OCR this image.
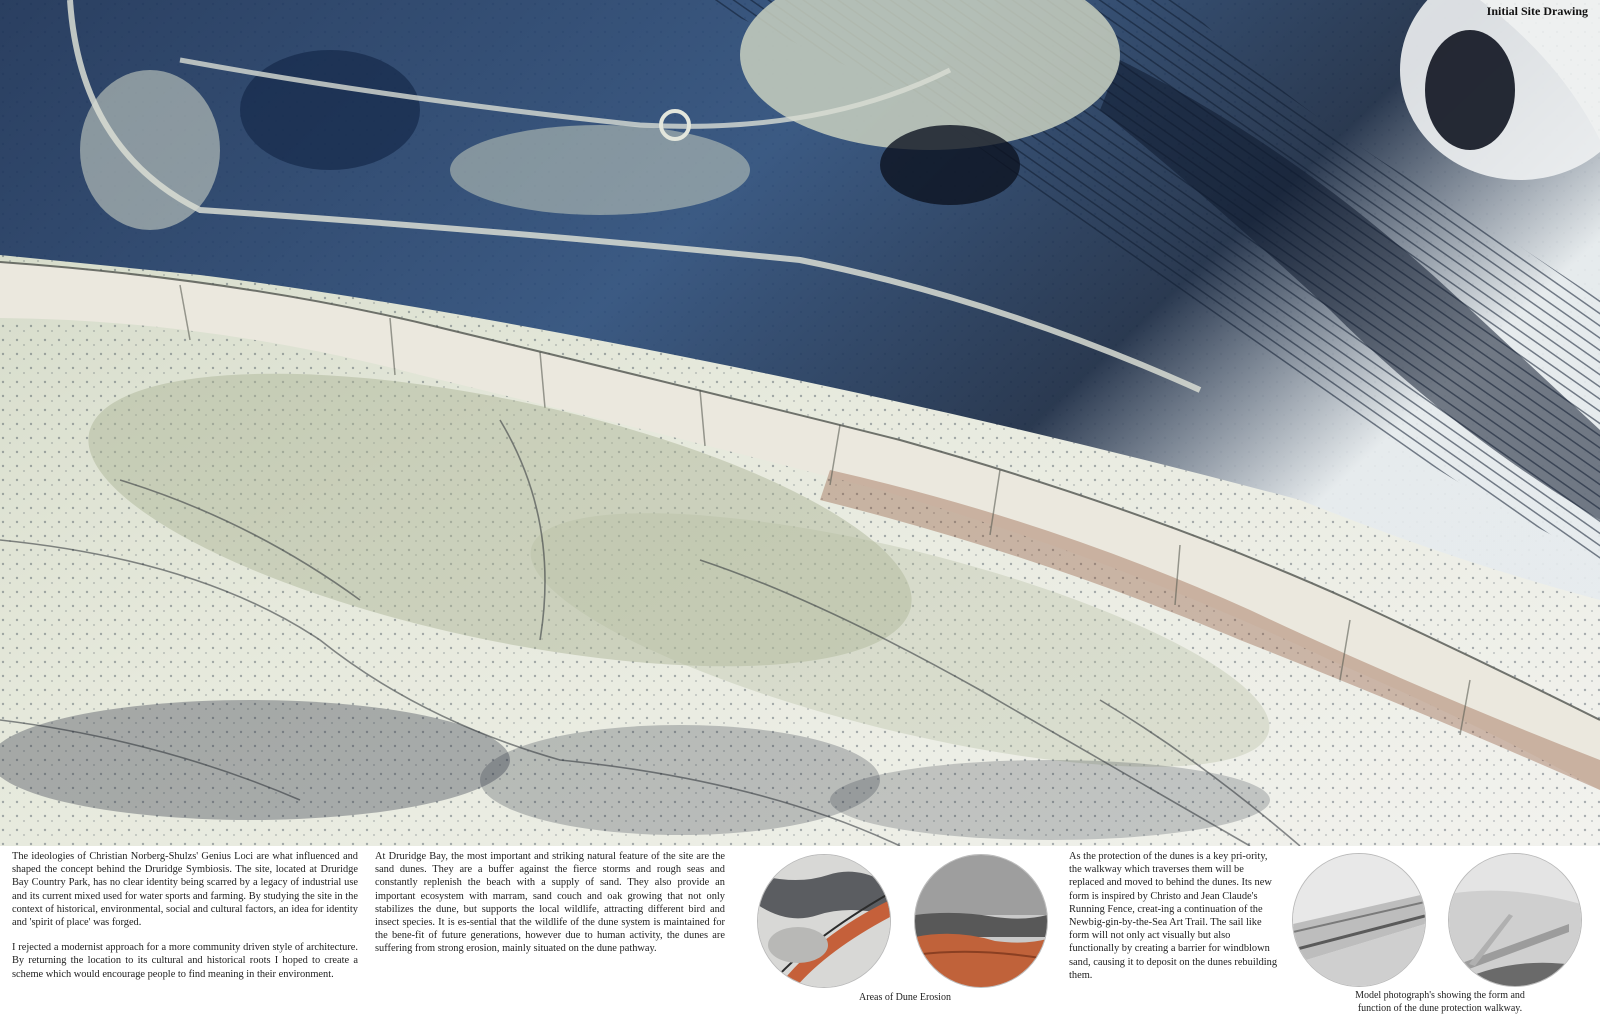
Initial Site Drawing

The ideologies of Christian Norberg-Shulzs' Genius Loci are what influenced and shaped the concept behind the Druridge Symbiosis. The site, located at Druridge Bay Country Park, has no clear identity being scarred by a legacy of industrial use and its current mixed used for water sports and farming. By studying the site in the context of historical, environmental, social and cultural factors, an idea for identity and 'spirit of place' was forged.

I rejected a modernist approach for a more community driven style of architecture. By returning the location to its cultural and historical roots I hoped to create a scheme which would encourage people to find meaning in their environment.

At Druridge Bay, the most important and striking natural feature of the site are the sand dunes. They are a buffer against the fierce storms and rough seas and constantly replenish the beach with a supply of sand. They also provide an important ecosystem with marram, sand couch and oak growing that not only stabilizes the dune, but supports the local wildlife, attracting different bird and insect species. It is es-sential that the wildlife of the dune system is maintained for the bene-fit of future generations, however due to human activity, the dunes are suffering from strong erosion, mainly situated on the dune pathway.

Areas of Dune Erosion

As the protection of the dunes is a key pri-ority, the walkway which traverses them will be replaced and moved to behind the dunes. Its new form is inspired by Christo and Jean Claude's Running Fence, creat-ing a continuation of the Newbig-gin-by-the-Sea Art Trail. The sail like form will not only act visually but also functionally by creating a barrier for windblown sand, causing it to deposit on the dunes rebuilding them.

Model photograph's showing the form and function of the dune protection walkway.
